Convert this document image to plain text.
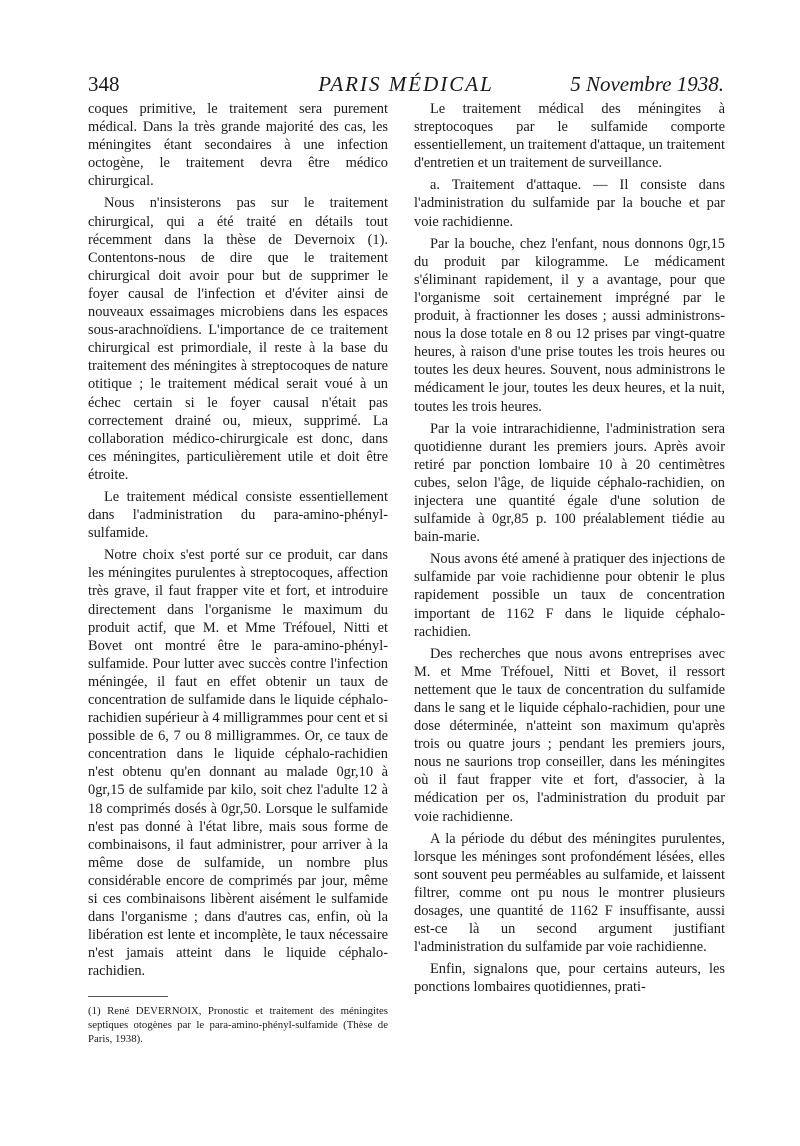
348	PARIS MÉDICAL	5 Novembre 1938.

coques primitive, le traitement sera purement médical. Dans la très grande majorité des cas, les méningites étant secondaires à une infection octogène, le traitement devra être médico chirurgical.

Nous n'insisterons pas sur le traitement chirurgical, qui a été traité en détails tout récemment dans la thèse de Devernoix (1). Contentons-nous de dire que le traitement chirurgical doit avoir pour but de supprimer le foyer causal de l'infection et d'éviter ainsi de nouveaux essaimages microbiens dans les espaces sous-arachnoïdiens. L'importance de ce traitement chirurgical est primordiale, il reste à la base du traitement des méningites à streptocoques de nature otitique ; le traitement médical serait voué à un échec certain si le foyer causal n'était pas correctement drainé ou, mieux, supprimé. La collaboration médico-chirurgicale est donc, dans ces méningites, particulièrement utile et doit être étroite.

Le traitement médical consiste essentiellement dans l'administration du para-amino-phényl-sulfamide.

Notre choix s'est porté sur ce produit, car dans les méningites purulentes à streptocoques, affection très grave, il faut frapper vite et fort, et introduire directement dans l'organisme le maximum du produit actif, que M. et Mme Tréfouel, Nitti et Bovet ont montré être le para-amino-phényl-sulfamide. Pour lutter avec succès contre l'infection méningée, il faut en effet obtenir un taux de concentration de sulfamide dans le liquide céphalo-rachidien supérieur à 4 milligrammes pour cent et si possible de 6, 7 ou 8 milligrammes. Or, ce taux de concentration dans le liquide céphalo-rachidien n'est obtenu qu'en donnant au malade 0gr,10 à 0gr,15 de sulfamide par kilo, soit chez l'adulte 12 à 18 comprimés dosés à 0gr,50. Lorsque le sulfamide n'est pas donné à l'état libre, mais sous forme de combinaisons, il faut administrer, pour arriver à la même dose de sulfamide, un nombre plus considérable encore de comprimés par jour, même si ces combinaisons libèrent aisément le sulfamide dans l'organisme ; dans d'autres cas, enfin, où la libération est lente et incomplète, le taux nécessaire n'est jamais atteint dans le liquide céphalo-rachidien.

(1) René DEVERNOIX, Pronostic et traitement des méningites septiques otogènes par le para-amino-phényl-sulfamide (Thèse de Paris, 1938).

Le traitement médical des méningites à streptocoques par le sulfamide comporte essentiellement, un traitement d'attaque, un traitement d'entretien et un traitement de surveillance.

a. Traitement d'attaque. — Il consiste dans l'administration du sulfamide par la bouche et par voie rachidienne.

Par la bouche, chez l'enfant, nous donnons 0gr,15 du produit par kilogramme. Le médicament s'éliminant rapidement, il y a avantage, pour que l'organisme soit certainement imprégné par le produit, à fractionner les doses ; aussi administrons-nous la dose totale en 8 ou 12 prises par vingt-quatre heures, à raison d'une prise toutes les trois heures ou toutes les deux heures. Souvent, nous administrons le médicament le jour, toutes les deux heures, et la nuit, toutes les trois heures.

Par la voie intrarachidienne, l'administration sera quotidienne durant les premiers jours. Après avoir retiré par ponction lombaire 10 à 20 centimètres cubes, selon l'âge, de liquide céphalo-rachidien, on injectera une quantité égale d'une solution de sulfamide à 0gr,85 p. 100 préalablement tiédie au bain-marie.

Nous avons été amené à pratiquer des injections de sulfamide par voie rachidienne pour obtenir le plus rapidement possible un taux de concentration important de 1162 F dans le liquide céphalo-rachidien.

Des recherches que nous avons entreprises avec M. et Mme Tréfouel, Nitti et Bovet, il ressort nettement que le taux de concentration du sulfamide dans le sang et le liquide céphalo-rachidien, pour une dose déterminée, n'atteint son maximum qu'après trois ou quatre jours ; pendant les premiers jours, nous ne saurions trop conseiller, dans les méningites où il faut frapper vite et fort, d'associer, à la médication per os, l'administration du produit par voie rachidienne.

A la période du début des méningites purulentes, lorsque les méninges sont profondément lésées, elles sont souvent peu perméables au sulfamide, et laissent filtrer, comme ont pu nous le montrer plusieurs dosages, une quantité de 1162 F insuffisante, aussi est-ce là un second argument justifiant l'administration du sulfamide par voie rachidienne.

Enfin, signalons que, pour certains auteurs, les ponctions lombaires quotidiennes, prati-
